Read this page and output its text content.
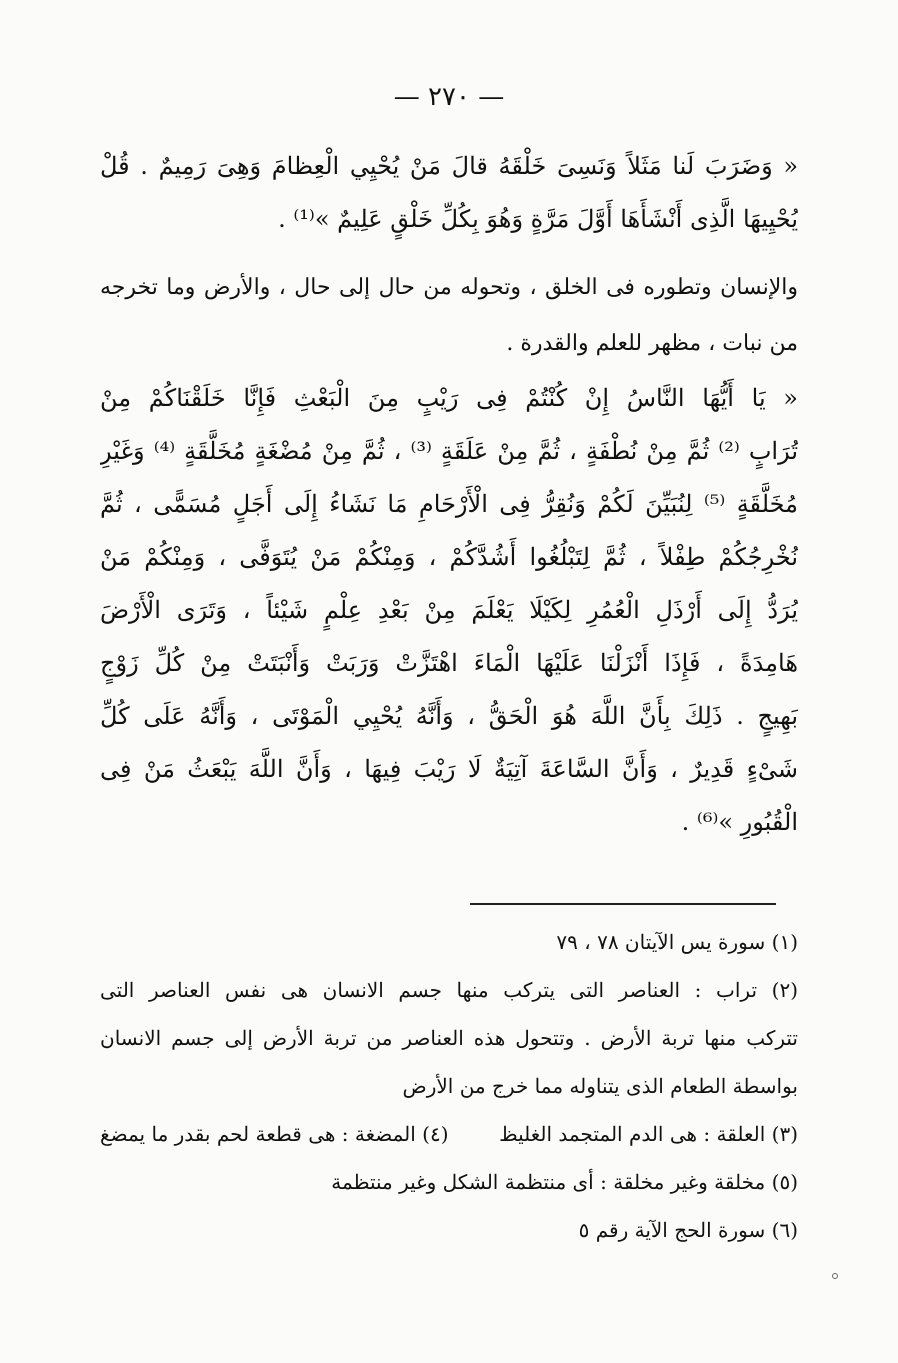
— ٢٧٠ —
« وَضَرَبَ لَنا مَثَلاً وَنَسِىَ خَلْقَهُ قالَ مَنْ يُحْيِي الْعِظامَ وَهِىَ رَمِيمٌ . قُلْ
يُحْيِيهَا الَّذِى أَنْشَأَهَا أَوَّلَ مَرَّةٍ وَهُوَ بِكُلِّ خَلْقٍ عَلِيمٌ »⁽¹⁾ .
والإنسان وتطوره فى الخلق ، وتحوله من حال إلى حال ، والأرض وما تخرجه
من نبات ، مظهر للعلم والقدرة .
« يَا أَيُّهَا النَّاسُ إِنْ كُنْتُمْ فِى رَيْبٍ مِنَ الْبَعْثِ فَإِنَّا خَلَقْنَاكُمْ مِنْ
تُرَابٍ ⁽²⁾ ثُمَّ مِنْ نُطْفَةٍ ، ثُمَّ مِنْ عَلَقَةٍ ⁽³⁾ ، ثُمَّ مِنْ مُضْغَةٍ مُخَلَّقَةٍ ⁽⁴⁾ وَغَيْرِ
مُخَلَّقَةٍ ⁽⁵⁾ لِنُبَيِّنَ لَكُمْ وَنُقِرُّ فِى الْأَرْحَامِ مَا نَشَاءُ إِلَى أَجَلٍ مُسَمًّى ، ثُمَّ
نُخْرِجُكُمْ طِفْلاً ، ثُمَّ لِتَبْلُغُوا أَشُدَّكُمْ ، وَمِنْكُمْ مَنْ يُتَوَفَّى ، وَمِنْكُمْ مَنْ
يُرَدُّ إِلَى أَرْذَلِ الْعُمُرِ لِكَيْلَا يَعْلَمَ مِنْ بَعْدِ عِلْمٍ شَيْئاً ، وَتَرَى الْأَرْضَ
هَامِدَةً ، فَإِذَا أَنْزَلْنَا عَلَيْهَا الْمَاءَ اهْتَزَّتْ وَرَبَتْ وَأَنْبَتَتْ مِنْ كُلِّ زَوْجٍ
بَهِيجٍ . ذَلِكَ بِأَنَّ اللَّهَ هُوَ الْحَقُّ ، وَأَنَّهُ يُحْيِي الْمَوْتَى ، وَأَنَّهُ عَلَى كُلِّ
شَىْءٍ قَدِيرٌ ، وَأَنَّ السَّاعَةَ آتِيَةٌ لَا رَيْبَ فِيهَا ، وَأَنَّ اللَّهَ يَبْعَثُ مَنْ فِى
الْقُبُورِ »⁽⁶⁾ .
(١) سورة يس الآيتان ٧٨ ، ٧٩
(٢) تراب : العناصر التى يتركب منها جسم الانسان هى نفس العناصر التى
تتركب منها تربة الأرض . وتتحول هذه العناصر من تربة الأرض إلى جسم الانسان
بواسطة الطعام الذى يتناوله مما خرج من الأرض
(٣) العلقة : هى الدم المتجمد الغليظ
(٤) المضغة : هى قطعة لحم بقدر ما يمضغ
(٥) مخلقة وغير مخلقة : أى منتظمة الشكل وغير منتظمة
(٦) سورة الحج الآية رقم ٥
